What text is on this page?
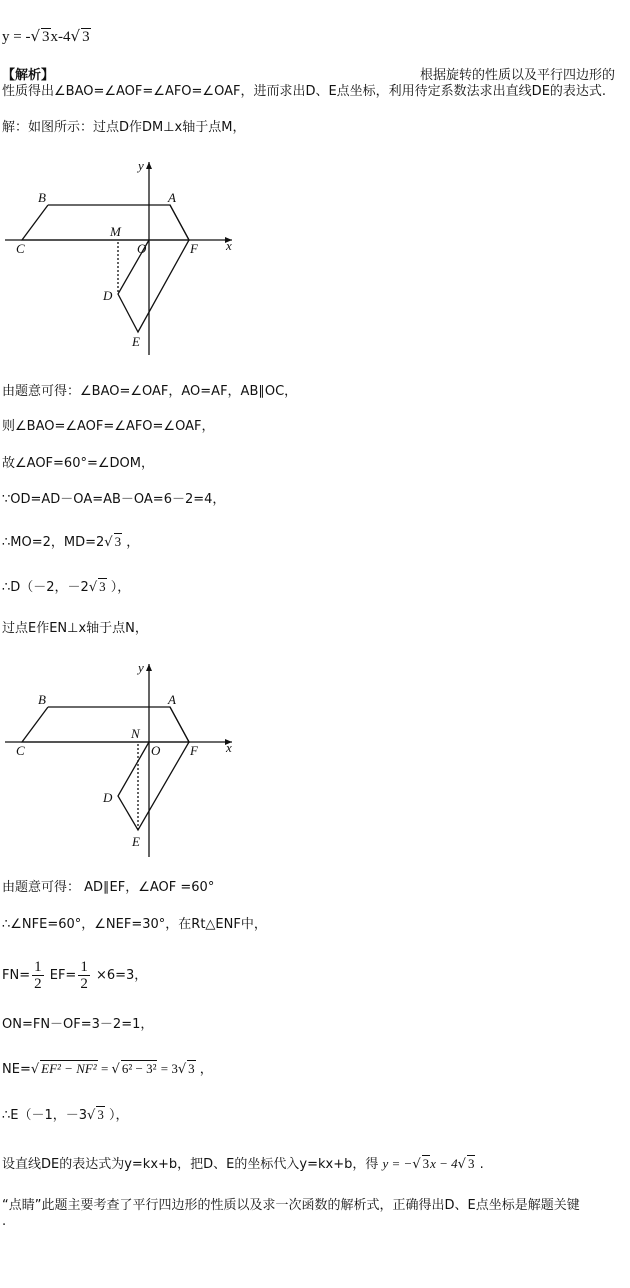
y = -√ 3x-4√ 3
【解析】	根据旋转的性质以及平行四边形的
性质得出∠BAO=∠AOF=∠AFO=∠OAF，进而求出D、E点坐标，利用待定系数法求出直线DE的表达式.
解：如图所示：过点D作DM⊥x轴于点M，
y
x
B	A
C
M
O	F
D
E
由题意可得：∠BAO=∠OAF，AO=AF，AB∥OC，
则∠BAO=∠AOF=∠AFO=∠OAF，
故∠AOF=60°=∠DOM，
∵OD=AD－OA=AB－OA=6－2=4，
∴MO=2，MD=2√ 3 ，
∴D（－2，－2√ 3 ），
过点E作EN⊥x轴于点N，
y
x
B	A
C
N
O F
D
E
由题意可得： AD∥EF，∠AOF =60°
∴∠NFE=60°，∠NEF=30°，在Rt△ENF中，
$FN= \frac{1}{2} EF= \frac{1}{2} \times 6=3$，
ON=FN－OF=3－2=1，
NE=√ EF² − NF² = √ 6² − 3² = 3√ 3 ，
∴E（－1，－3√ 3 ），
设直线DE的表达式为y=kx+b，把D、E的坐标代入y=kx+b，得 y = −√ 3x − 4√ 3 .
“点睛”此题主要考查了平行四边形的性质以及求一次函数的解析式，正确得出D、E点坐标是解题关键
.
